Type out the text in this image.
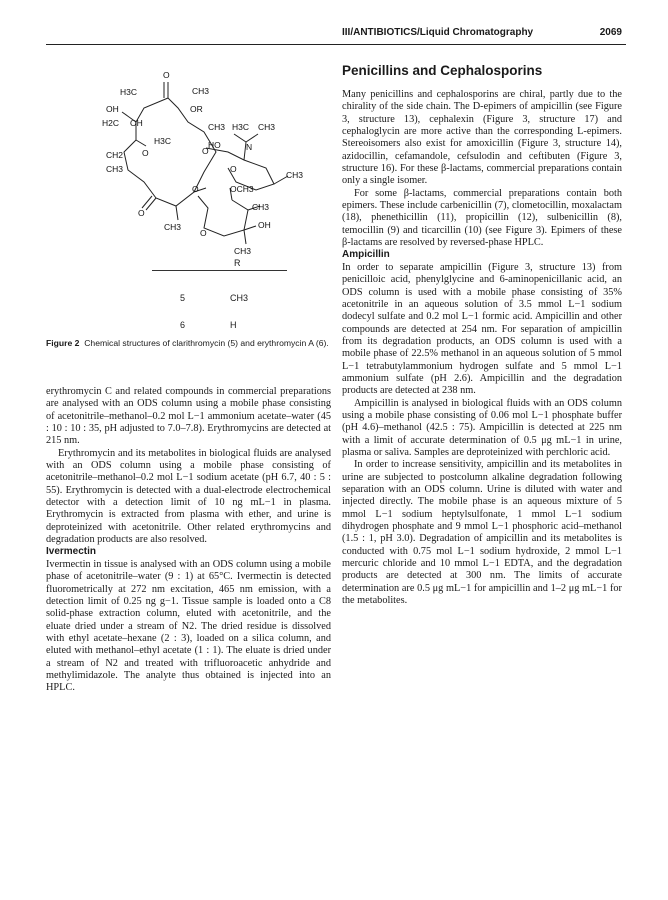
III/ANTIBIOTICS/Liquid Chromatography	2069
O
H3C	CH3
OH	OR
H2C OH	CH3 H3C CH3
H3C	HO	N
CH2 O
CH3
O
O
O
CH3
CH3
O	OCH3
CH3
O
OH
CH3
R
5	CH3
6	H
Figure 2 Chemical structures of clarithromycin (5) and erythromycin A (6).

erythromycin C and related compounds in commercial preparations are analysed with an ODS column using a mobile phase consisting of acetonitrile–methanol–0.2 mol L−1 ammonium acetate–water (45 : 10 : 10 : 35, pH adjusted to 7.0–7.8). Erythromycins are detected at 215 nm.

Erythromycin and its metabolites in biological fluids are analysed with an ODS column using a mobile phase consisting of acetonitrile–methanol–0.2 mol L−1 sodium acetate (pH 6.7, 40 : 5 : 55). Erythromycin is detected with a dual-electrode electrochemical detector with a detection limit of 10 ng mL−1 in plasma. Erythromycin is extracted from plasma with ether, and urine is deproteinized with acetonitrile. Other related erythromycins and degradation products are also resolved.

Ivermectin

Ivermectin in tissue is analysed with an ODS column using a mobile phase of acetonitrile–water (9 : 1) at 65°C. Ivermectin is detected fluorometrically at 272 nm excitation, 465 nm emission, with a detection limit of 0.25 ng g−1. Tissue sample is loaded onto a C8 solid-phase extraction column, eluted with acetonitrile, and the eluate dried under a stream of N2. The dried residue is dissolved with ethyl acetate–hexane (2 : 3), loaded on a silica column, and eluted with methanol–ethyl acetate (1 : 1). The eluate is dried under a stream of N2 and treated with trifluoroacetic anhydride and methylimidazole. The analyte thus obtained is injected into an HPLC.

Penicillins and Cephalosporins

Many penicillins and cephalosporins are chiral, partly due to the chirality of the side chain. The D-epimers of ampicillin (see Figure 3, structure 13), cephalexin (Figure 3, structure 17) and cephaloglycin are more active than the corresponding L-epimers. Stereoisomers also exist for amoxicillin (Figure 3, structure 14), azidocillin, cefamandole, cefsulodin and ceftibuten (Figure 3, structure 16). For these β-lactams, commercial preparations contain only a single isomer.

For some β-lactams, commercial preparations contain both epimers. These include carbenicillin (7), clometocillin, moxalactam (18), phenethicillin (11), propicillin (12), sulbenicillin (8), temocillin (9) and ticarcillin (10) (see Figure 3). Epimers of these β-lactams are resolved by reversed-phase HPLC.

Ampicillin

In order to separate ampicillin (Figure 3, structure 13) from penicilloic acid, phenylglycine and 6-aminopenicillanic acid, an ODS column is used with a mobile phase consisting of 35% acetonitrile in an aqueous solution of 3.5 mmol L−1 sodium dodecyl sulfate and 0.2 mol L−1 formic acid. Ampicillin and other compounds are detected at 254 nm. For separation of ampicillin from its degradation products, an ODS column is used with a mobile phase of 22.5% methanol in an aqueous solution of 5 mmol L−1 tetrabutylammonium hydrogen sulfate and 5 mmol L−1 ammonium sulfate (pH 2.6). Ampicillin and the degradation products are detected at 238 nm.

Ampicillin is analysed in biological fluids with an ODS column using a mobile phase consisting of 0.06 mol L−1 phosphate buffer (pH 4.6)–methanol (42.5 : 75). Ampicillin is detected at 225 nm with a limit of accurate determination of 0.5 μg mL−1 in urine, plasma or saliva. Samples are deproteinized with perchloric acid.

In order to increase sensitivity, ampicillin and its metabolites in urine are subjected to postcolumn alkaline degradation following separation with an ODS column. Urine is diluted with water and injected directly. The mobile phase is an aqueous mixture of 5 mmol L−1 sodium heptylsulfonate, 1 mmol L−1 sodium dihydrogen phosphate and 9 mmol L−1 phosphoric acid–methanol (1.5 : 1, pH 3.0). Degradation of ampicillin and its metabolites is conducted with 0.75 mol L−1 sodium hydroxide, 2 mmol L−1 mercuric chloride and 10 mmol L−1 EDTA, and the degradation products are detected at 300 nm. The limits of accurate determination are 0.5 μg mL−1 for ampicillin and 1–2 μg mL−1 for the metabolites.
